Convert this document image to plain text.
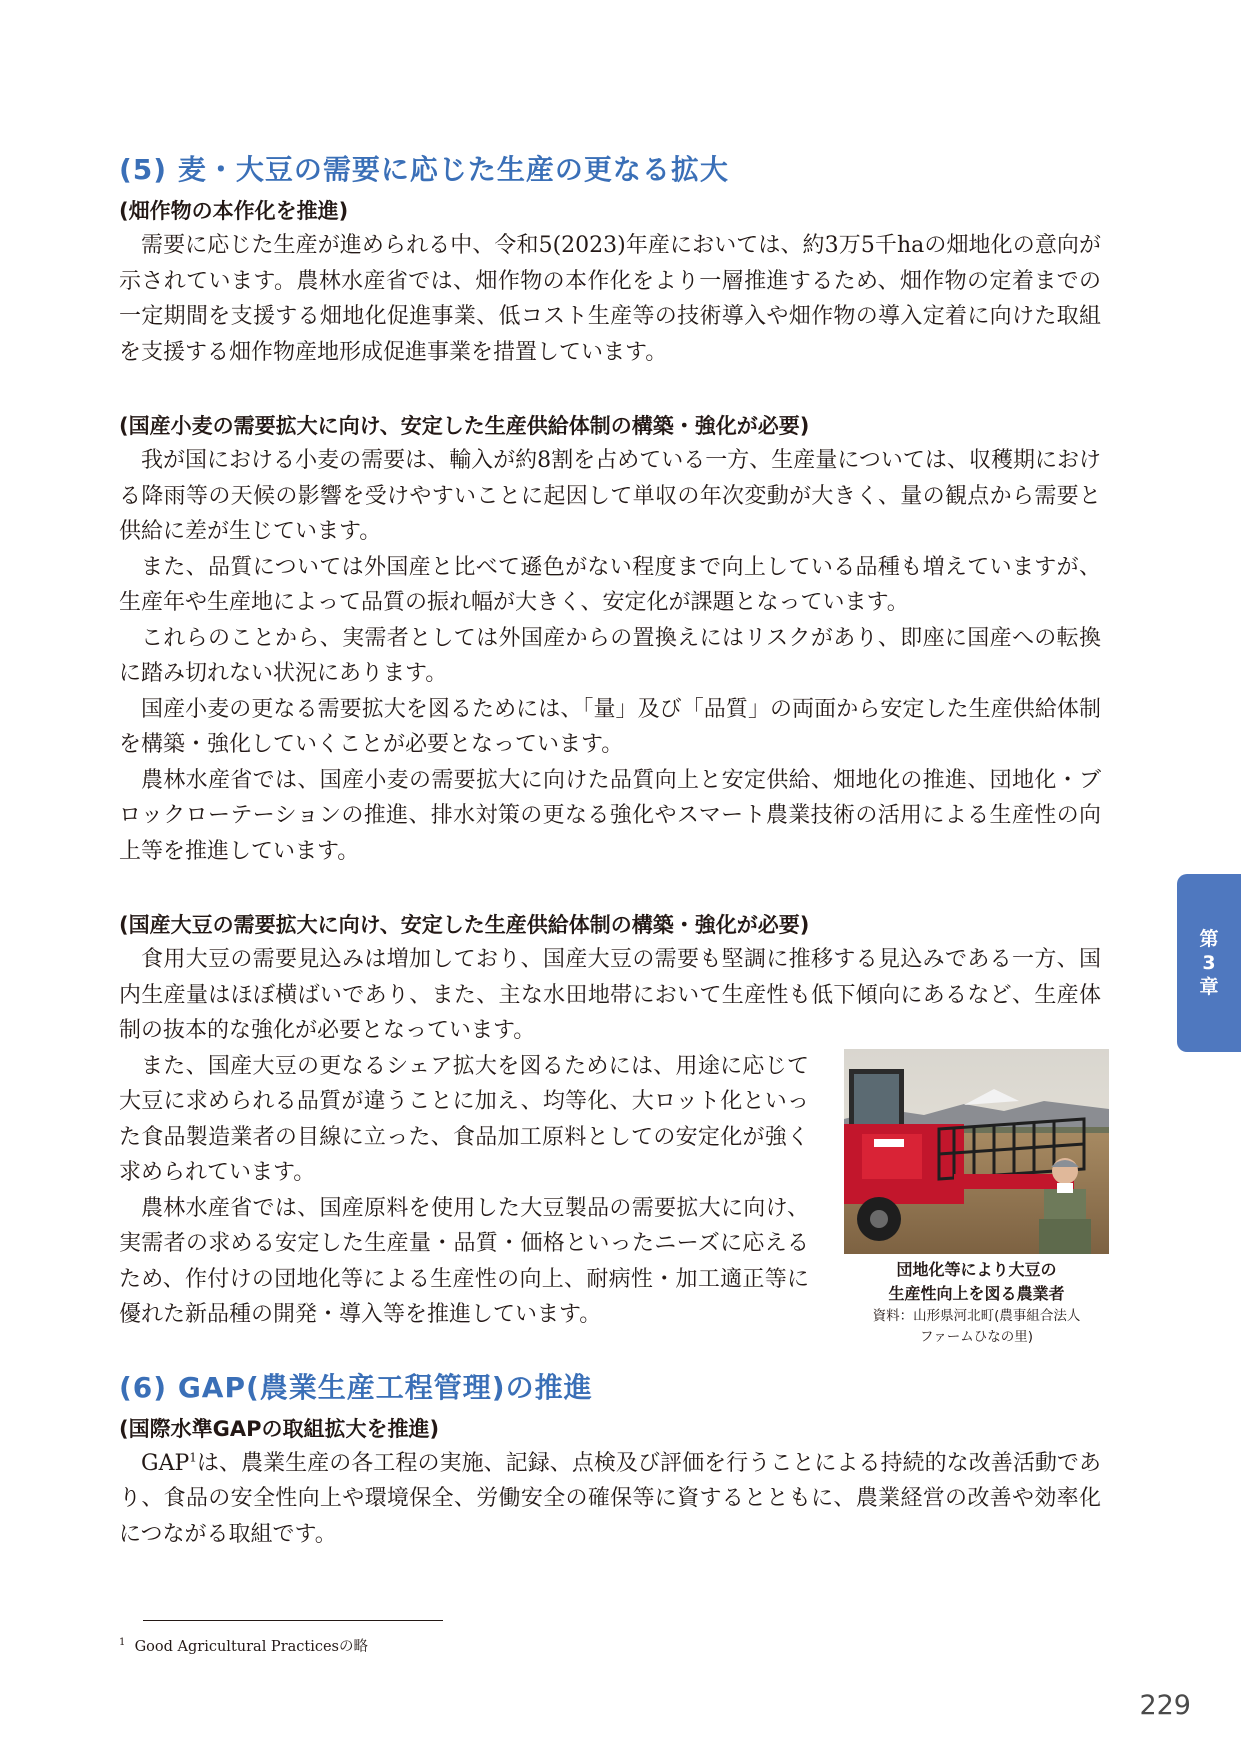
(5) 麦・大豆の需要に応じた生産の更なる拡大
(畑作物の本作化を推進)

需要に応じた生産が進められる中、令和5(2023)年産においては、約3万5千haの畑地化の意向が示されています。農林水産省では、畑作物の本作化をより一層推進するため、畑作物の定着までの一定期間を支援する畑地化促進事業、低コスト生産等の技術導入や畑作物の導入定着に向けた取組を支援する畑作物産地形成促進事業を措置しています。

(国産小麦の需要拡大に向け、安定した生産供給体制の構築・強化が必要)

我が国における小麦の需要は、輸入が約8割を占めている一方、生産量については、収穫期における降雨等の天候の影響を受けやすいことに起因して単収の年次変動が大きく、量の観点から需要と供給に差が生じています。

また、品質については外国産と比べて遜色がない程度まで向上している品種も増えていますが、生産年や生産地によって品質の振れ幅が大きく、安定化が課題となっています。

これらのことから、実需者としては外国産からの置換えにはリスクがあり、即座に国産への転換に踏み切れない状況にあります。

国産小麦の更なる需要拡大を図るためには、「量」及び「品質」の両面から安定した生産供給体制を構築・強化していくことが必要となっています。

農林水産省では、国産小麦の需要拡大に向けた品質向上と安定供給、畑地化の推進、団地化・ブロックローテーションの推進、排水対策の更なる強化やスマート農業技術の活用による生産性の向上等を推進しています。

(国産大豆の需要拡大に向け、安定した生産供給体制の構築・強化が必要)

食用大豆の需要見込みは増加しており、国産大豆の需要も堅調に推移する見込みである一方、国内生産量はほぼ横ばいであり、また、主な水田地帯において生産性も低下傾向にあるなど、生産体制の抜本的な強化が必要となっています。

また、国産大豆の更なるシェア拡大を図るためには、用途に応じて大豆に求められる品質が違うことに加え、均等化、大ロット化といった食品製造業者の目線に立った、食品加工原料としての安定化が強く求められています。

農林水産省では、国産原料を使用した大豆製品の需要拡大に向け、実需者の求める安定した生産量・品質・価格といったニーズに応えるため、作付けの団地化等による生産性の向上、耐病性・加工適正等に優れた新品種の開発・導入等を推進しています。

団地化等により大豆の
生産性向上を図る農業者
資料：山形県河北町(農事組合法人
ファームひなの里)
(6) GAP(農業生産工程管理)の推進
(国際水準GAPの取組拡大を推進)

GAP$^1$は、農業生産の各工程の実施、記録、点検及び評価を行うことによる持続的な改善活動であり、食品の安全性向上や環境保全、労働安全の確保等に資するとともに、農業経営の改善や効率化につながる取組です。

$^1$ Good Agricultural Practicesの略
第
3
章
229
